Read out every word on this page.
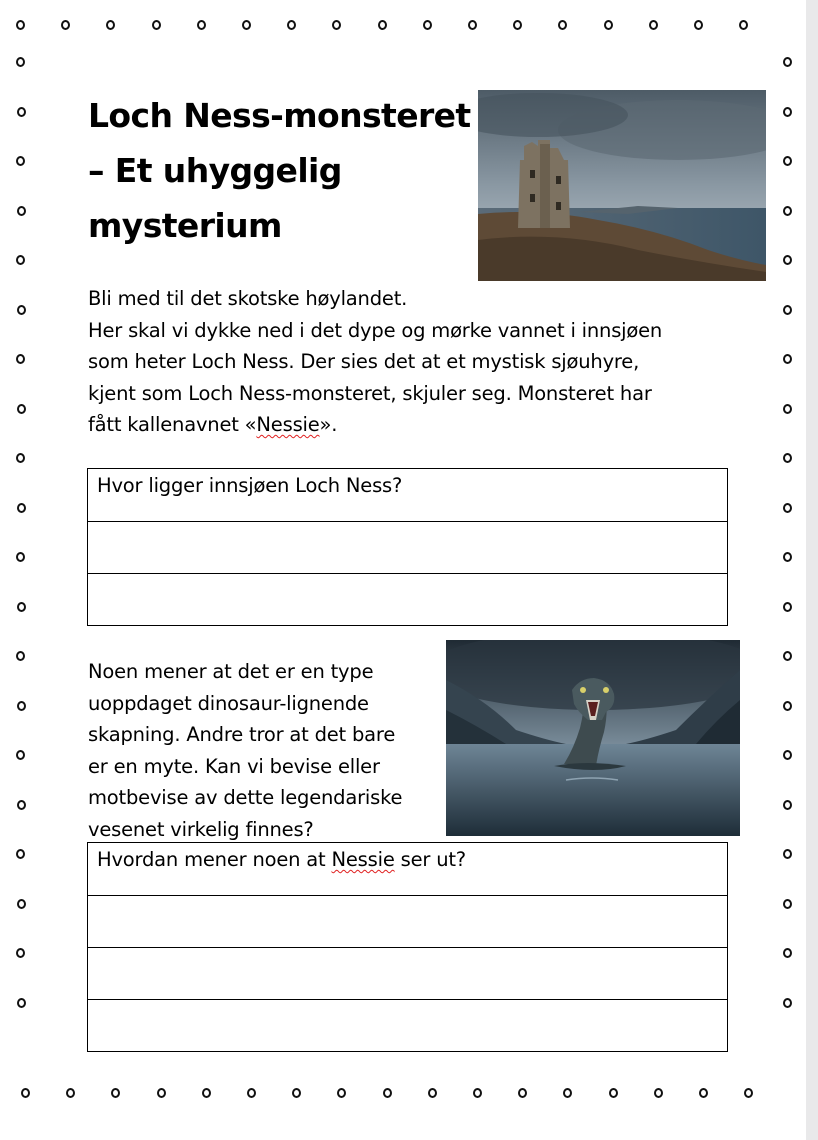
Loch Ness-monsteret
– Et uhyggelig
mysterium
Bli med til det skotske høylandet.
Her skal vi dykke ned i det dype og mørke vannet i innsjøen
som heter Loch Ness. Der sies det at et mystisk sjøuhyre,
kjent som Loch Ness-monsteret, skjuler seg. Monsteret har
fått kallenavnet «Nessie».
Hvor ligger innsjøen Loch Ness?
Noen mener at det er en type
uoppdaget dinosaur-lignende
skapning. Andre tror at det bare
er en myte. Kan vi bevise eller
motbevise av dette legendariske
vesenet virkelig finnes?
Hvordan mener noen at Nessie ser ut?
